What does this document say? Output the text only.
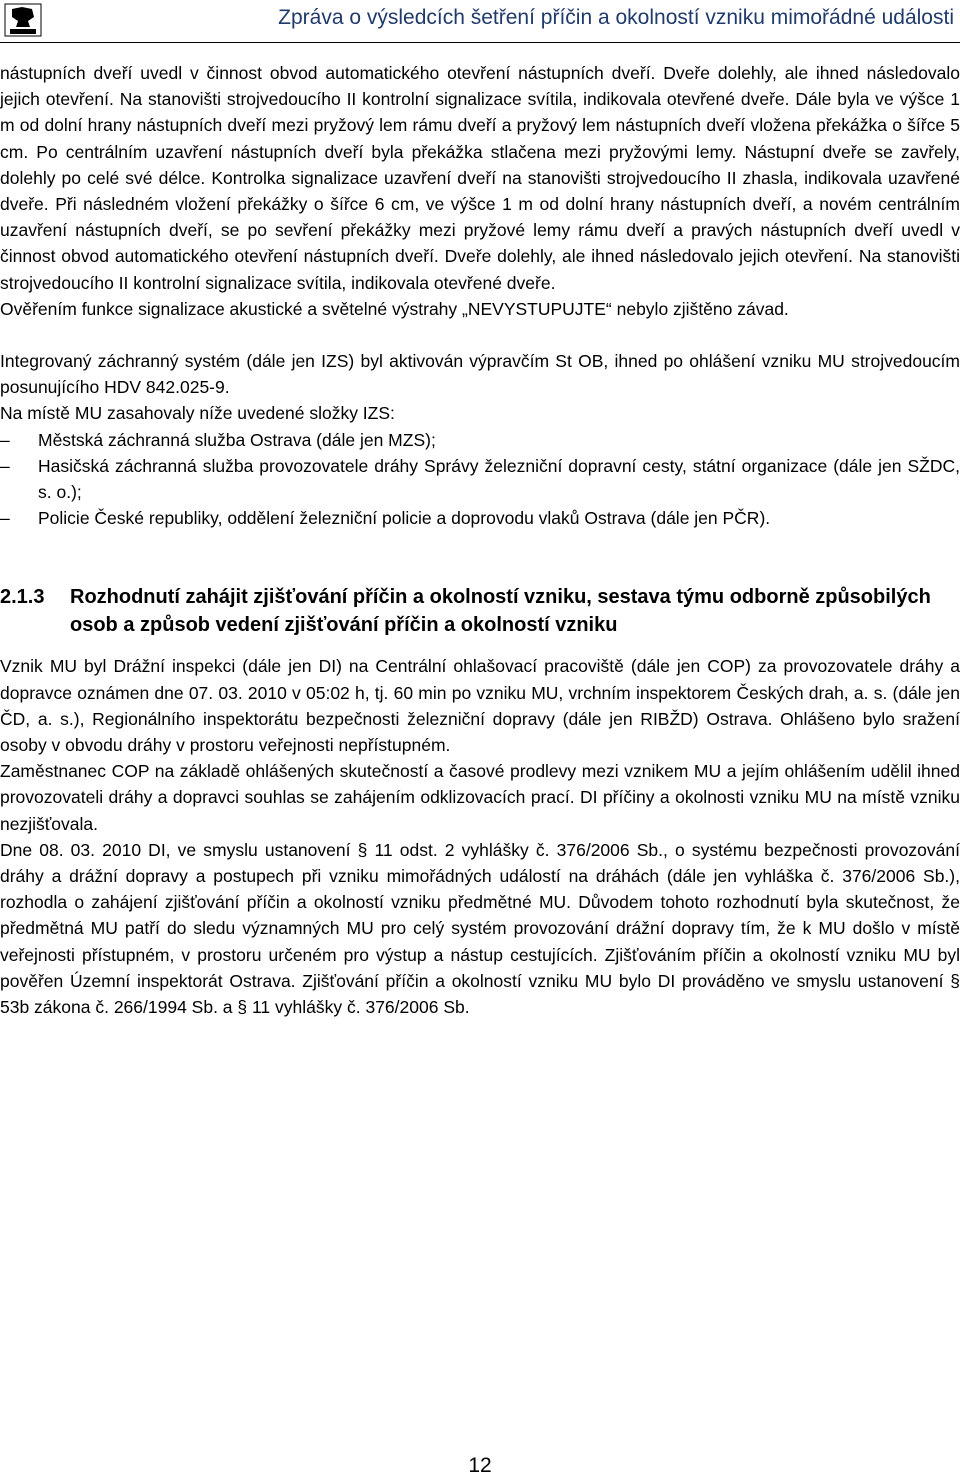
Zpráva o výsledcích šetření příčin a okolností vzniku mimořádné události

nástupních dveří uvedl v činnost obvod automatického otevření nástupních dveří. Dveře dolehly, ale ihned následovalo jejich otevření. Na stanovišti strojvedoucího II kontrolní signalizace svítila, indikovala otevřené dveře. Dále byla ve výšce 1 m od dolní hrany nástupních dveří mezi pryžový lem rámu dveří a pryžový lem nástupních dveří vložena překážka o šířce 5 cm. Po centrálním uzavření nástupních dveří byla překážka stlačena mezi pryžovými lemy. Nástupní dveře se zavřely, dolehly po celé své délce. Kontrolka signalizace uzavření dveří na stanovišti strojvedoucího II zhasla, indikovala uzavřené dveře. Při následném vložení překážky o šířce 6 cm, ve výšce 1 m od dolní hrany nástupních dveří, a novém centrálním uzavření nástupních dveří, se po sevření překážky mezi pryžové lemy rámu dveří a pravých nástupních dveří uvedl v činnost obvod automatického otevření nástupních dveří. Dveře dolehly, ale ihned následovalo jejich otevření. Na stanovišti strojvedoucího II kontrolní signalizace svítila, indikovala otevřené dveře.

Ověřením funkce signalizace akustické a světelné výstrahy „NEVYSTUPUJTE“ nebylo zjištěno závad.

Integrovaný záchranný systém (dále jen IZS) byl aktivován výpravčím St OB, ihned po ohlášení vzniku MU strojvedoucím posunujícího HDV 842.025-9.

Na místě MU zasahovaly níže uvedené složky IZS:

–	Městská záchranná služba Ostrava (dále jen MZS);
–	Hasičská záchranná služba provozovatele dráhy Správy železniční dopravní cesty, státní organizace (dále jen SŽDC, s. o.);
–	Policie České republiky, oddělení železniční policie a doprovodu vlaků Ostrava (dále jen PČR).
2.1.3 Rozhodnutí zahájit zjišťování příčin a okolností vzniku, sestava týmu odborně způsobilých osob a způsob vedení zjišťování příčin a okolností vzniku

Vznik MU byl Drážní inspekci (dále jen DI) na Centrální ohlašovací pracoviště (dále jen COP) za provozovatele dráhy a dopravce oznámen dne 07. 03. 2010 v 05:02 h, tj. 60 min po vzniku MU, vrchním inspektorem Českých drah, a. s. (dále jen ČD, a. s.), Regionálního inspektorátu bezpečnosti železniční dopravy (dále jen RIBŽD) Ostrava. Ohlášeno bylo sražení osoby v obvodu dráhy v prostoru veřejnosti nepřístupném.

Zaměstnanec COP na základě ohlášených skutečností a časové prodlevy mezi vznikem MU a jejím ohlášením udělil ihned provozovateli dráhy a dopravci souhlas se zahájením odklizovacích prací. DI příčiny a okolnosti vzniku MU na místě vzniku nezjišťovala.

Dne 08. 03. 2010 DI, ve smyslu ustanovení § 11 odst. 2 vyhlášky č. 376/2006 Sb., o systému bezpečnosti provozování dráhy a drážní dopravy a postupech při vzniku mimořádných událostí na dráhách (dále jen vyhláška č. 376/2006 Sb.), rozhodla o zahájení zjišťování příčin a okolností vzniku předmětné MU. Důvodem tohoto rozhodnutí byla skutečnost, že předmětná MU patří do sledu významných MU pro celý systém provozování drážní dopravy tím, že k MU došlo v místě veřejnosti přístupném, v prostoru určeném pro výstup a nástup cestujících. Zjišťováním příčin a okolností vzniku MU byl pověřen Územní inspektorát Ostrava. Zjišťování příčin a okolností vzniku MU bylo DI prováděno ve smyslu ustanovení § 53b zákona č. 266/1994 Sb. a § 11 vyhlášky č. 376/2006 Sb.

12
